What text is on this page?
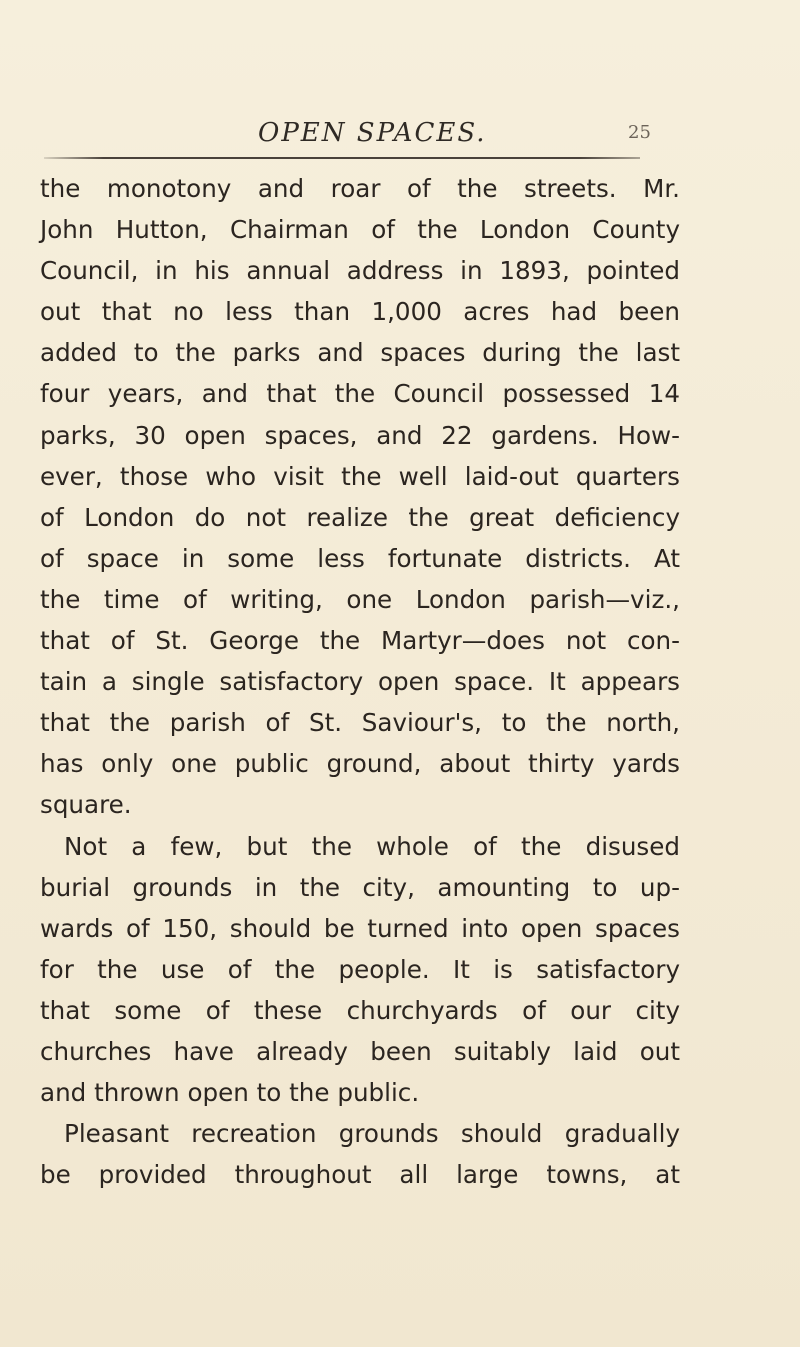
OPEN SPACES.	25
the monotony and roar of the streets. Mr.
John Hutton, Chairman of the London County
Council, in his annual address in 1893, pointed
out that no less than 1,000 acres had been
added to the parks and spaces during the last
four years, and that the Council possessed 14
parks, 30 open spaces, and 22 gardens. How-
ever, those who visit the well laid-out quarters
of London do not realize the great deficiency
of space in some less fortunate districts. At
the time of writing, one London parish—viz.,
that of St. George the Martyr—does not con-
tain a single satisfactory open space. It appears
that the parish of St. Saviour's, to the north,
has only one public ground, about thirty yards
square.
Not a few, but the whole of the disused
burial grounds in the city, amounting to up-
wards of 150, should be turned into open spaces
for the use of the people. It is satisfactory
that some of these churchyards of our city
churches have already been suitably laid out
and thrown open to the public.
Pleasant recreation grounds should gradually
be provided throughout all large towns, at
